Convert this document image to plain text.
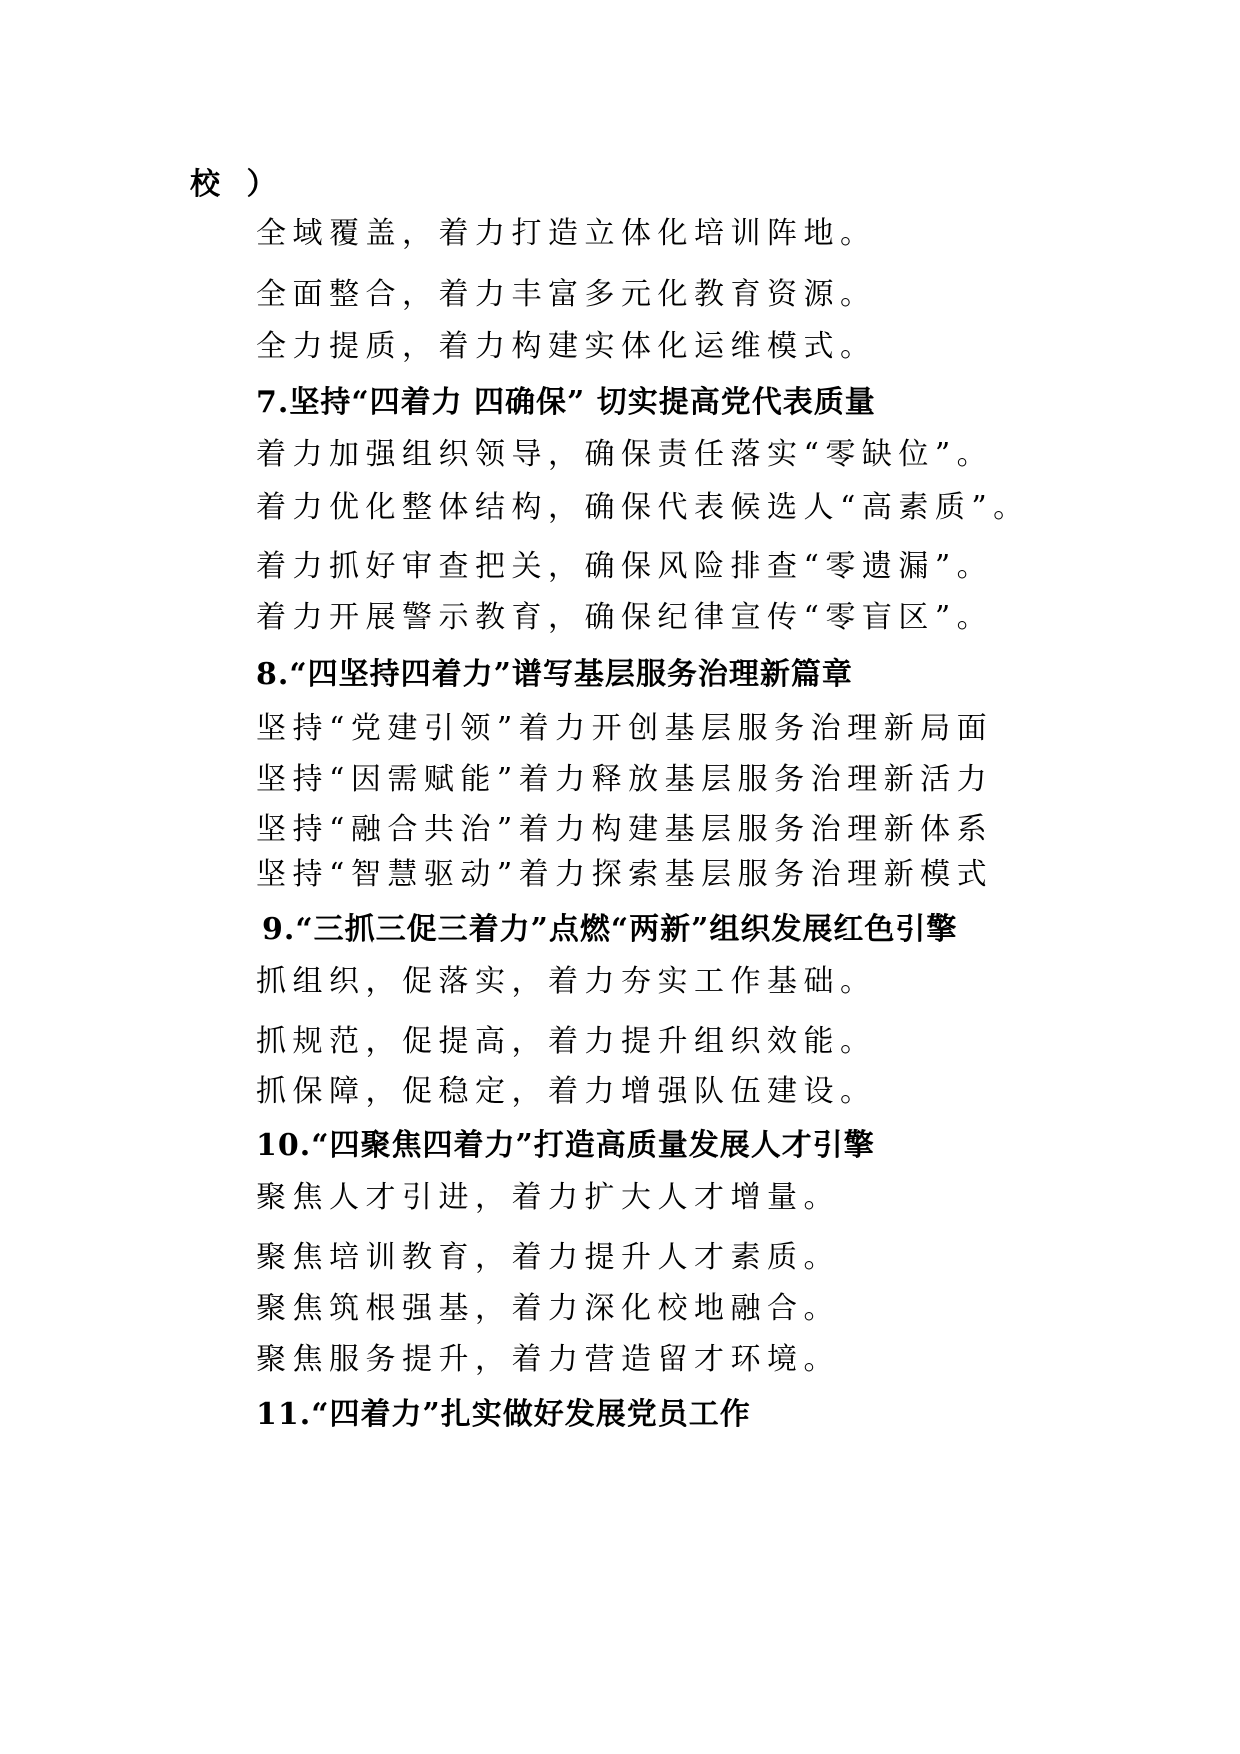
校 ）
全域覆盖，着力打造立体化培训阵地。
全面整合，着力丰富多元化教育资源。
全力提质，着力构建实体化运维模式。
7.坚持“四着力 四确保” 切实提高党代表质量
着力加强组织领导，确保责任落实“零缺位”。
着力优化整体结构，确保代表候选人“高素质”。
着力抓好审查把关，确保风险排查“零遗漏”。
着力开展警示教育，确保纪律宣传“零盲区”。
8.“四坚持四着力”谱写基层服务治理新篇章
坚持“党建引领”着力开创基层服务治理新局面
坚持“因需赋能”着力释放基层服务治理新活力
坚持“融合共治”着力构建基层服务治理新体系
坚持“智慧驱动”着力探索基层服务治理新模式
9.“三抓三促三着力”点燃“两新”组织发展红色引擎
抓组织，促落实，着力夯实工作基础。
抓规范，促提高，着力提升组织效能。
抓保障，促稳定，着力增强队伍建设。
10.“四聚焦四着力”打造高质量发展人才引擎
聚焦人才引进，着力扩大人才增量。
聚焦培训教育，着力提升人才素质。
聚焦筑根强基，着力深化校地融合。
聚焦服务提升，着力营造留才环境。
11.“四着力”扎实做好发展党员工作
